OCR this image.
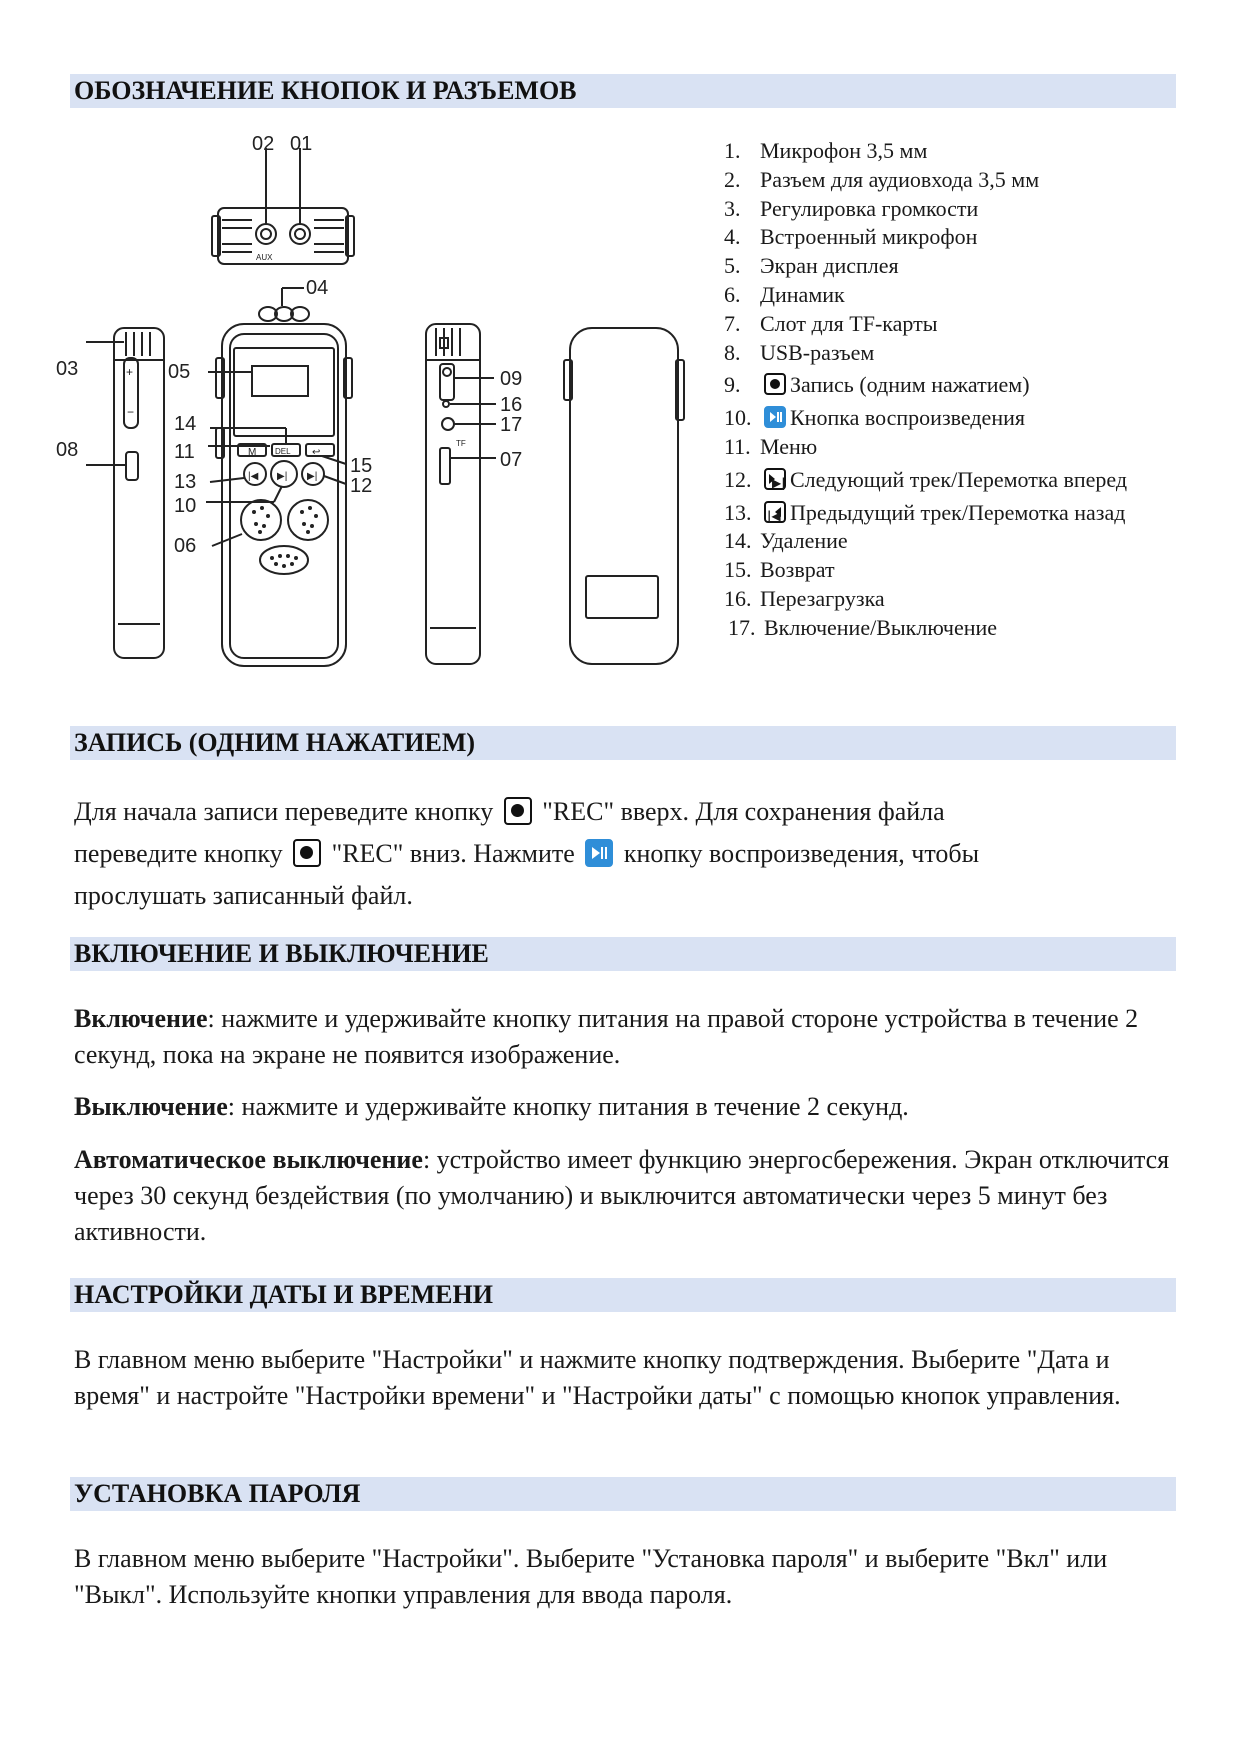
ОБОЗНАЧЕНИЕ КНОПОК И РАЗЪЕМОВ
02 01
AUX
+
−
03
08	M DEL ↩
|◀ ▶| ▶|
04
05
14
11
15
13	12
10
06
TF
09
16
17
07
1. Микрофон 3,5 мм
2. Разъем для аудиовхода 3,5 мм
3. Регулировка громкости
4. Встроенный микрофон
5. Экран дисплея
6. Динамик
7. Слот для TF-карты
8. USB-разъем
9. Запись (одним нажатием)
10. Кнопка воспроизведения
11. Меню
12. ▶| Следующий трек/Перемотка вперед
13. |◀ Предыдущий трек/Перемотка назад
14. Удаление
15. Возврат
16. Перезагрузка
17. Включение/Выключение
ЗАПИСЬ (ОДНИМ НАЖАТИЕМ)
Для начала записи переведите кнопку "REC" вверх. Для сохранения файла
переведите кнопку "REC" вниз. Нажмите кнопку воспроизведения, чтобы
прослушать записанный файл.
ВКЛЮЧЕНИЕ И ВЫКЛЮЧЕНИЕ
Включение: нажмите и удерживайте кнопку питания на правой стороне устройства в течение 2 секунд, пока на экране не появится изображение.
Выключение: нажмите и удерживайте кнопку питания в течение 2 секунд.
Автоматическое выключение: устройство имеет функцию энергосбережения. Экран отключится через 30 секунд бездействия (по умолчанию) и выключится автоматически через 5 минут без активности.
НАСТРОЙКИ ДАТЫ И ВРЕМЕНИ
В главном меню выберите "Настройки" и нажмите кнопку подтверждения. Выберите "Дата и время" и настройте "Настройки времени" и "Настройки даты" с помощью кнопок управления.
УСТАНОВКА ПАРОЛЯ
В главном меню выберите "Настройки". Выберите "Установка пароля" и выберите "Вкл" или "Выкл". Используйте кнопки управления для ввода пароля.
